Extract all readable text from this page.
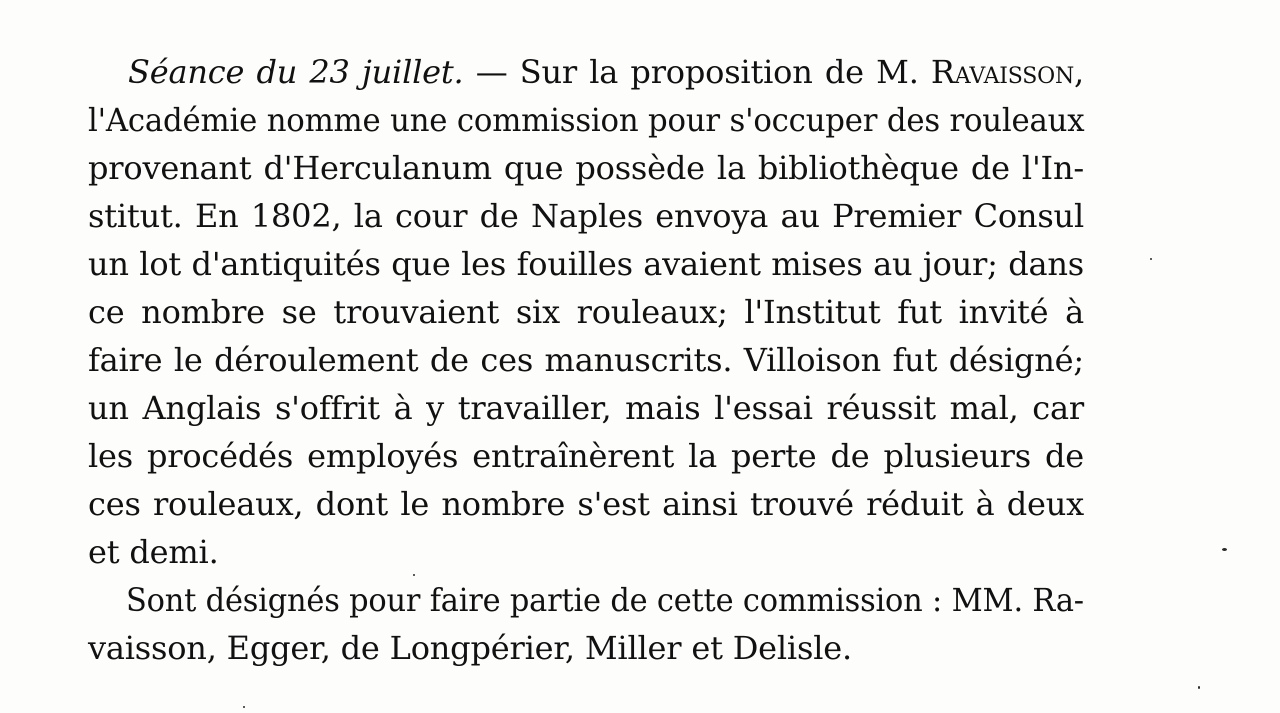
Séance du 23 juillet. — Sur la proposition de M. Ravaisson,
l'Académie nomme une commission pour s'occuper des rouleaux
provenant d'Herculanum que possède la bibliothèque de l'In-
stitut. En 1802, la cour de Naples envoya au Premier Consul
un lot d'antiquités que les fouilles avaient mises au jour; dans
ce nombre se trouvaient six rouleaux; l'Institut fut invité à
faire le déroulement de ces manuscrits. Villoison fut désigné;
un Anglais s'offrit à y travailler, mais l'essai réussit mal, car
les procédés employés entraînèrent la perte de plusieurs de
ces rouleaux, dont le nombre s'est ainsi trouvé réduit à deux
et demi.
Sont désignés pour faire partie de cette commission : MM. Ra-
vaisson, Egger, de Longpérier, Miller et Delisle.
